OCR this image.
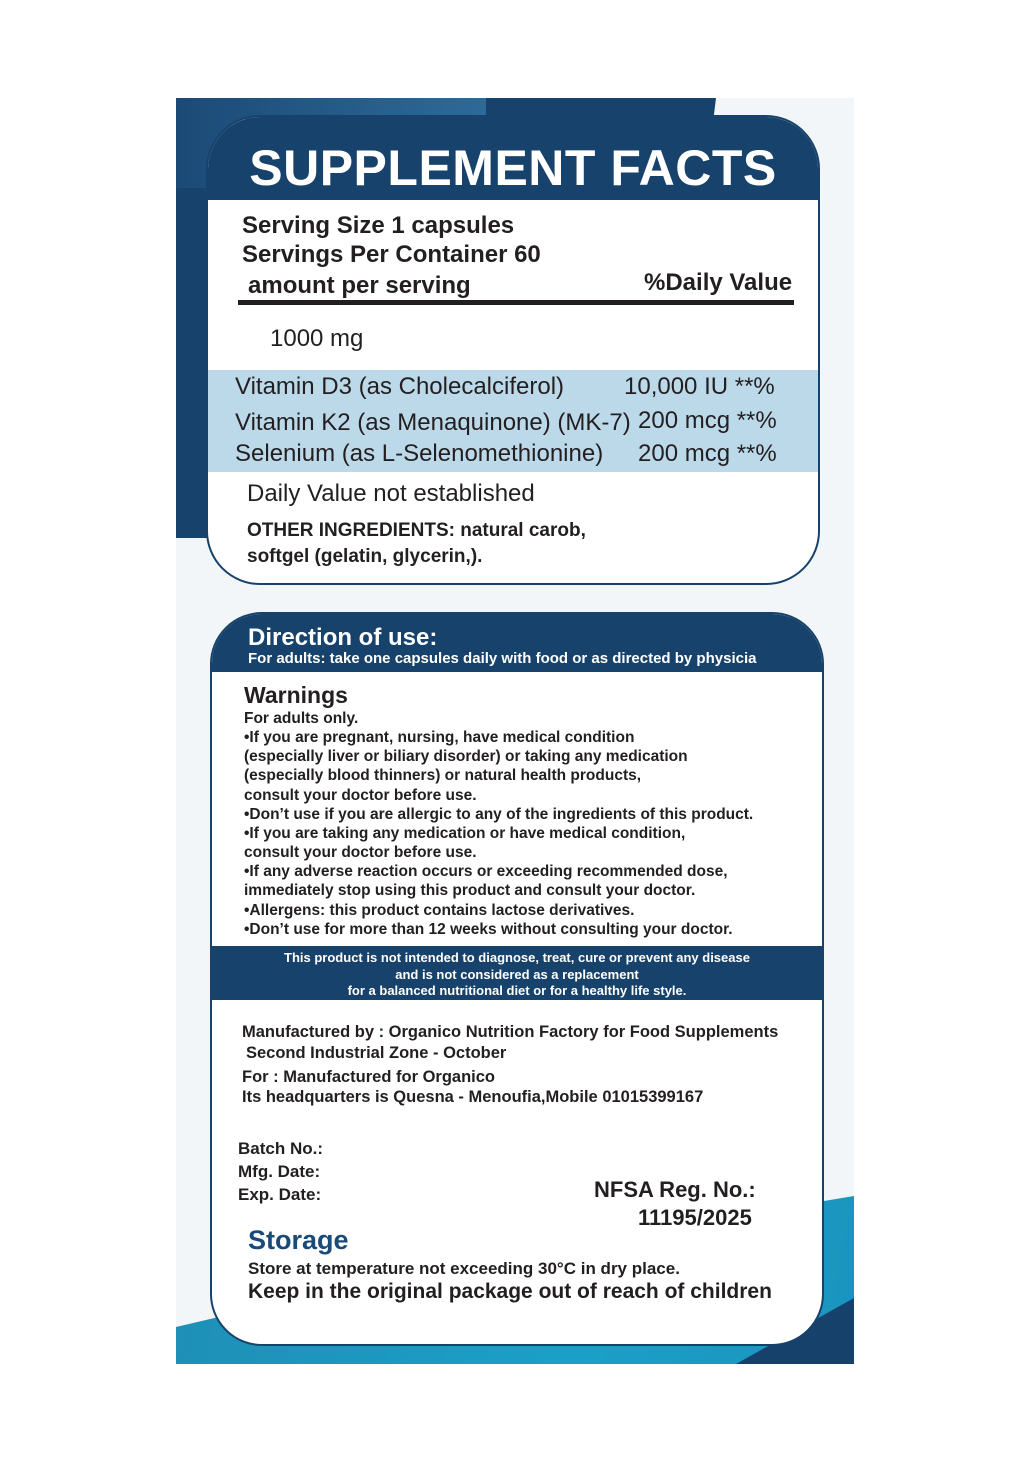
SUPPLEMENT FACTS
Serving Size 1 capsules
Servings Per Container 60
amount per serving	%Daily Value
1000 mg
Vitamin D3 (as Cholecalciferol) 10,000 IU **%
Vitamin K2 (as Menaquinone) (MK-7) 200 mcg **%
Selenium (as L-Selenomethionine) 200 mcg **%
Daily Value not established
OTHER INGREDIENTS: natural carob,
softgel (gelatin, glycerin,).
Direction of use:
For adults: take one capsules daily with food or as directed by physicia
Warnings
For adults only.
•If you are pregnant, nursing, have medical condition
(especially liver or biliary disorder) or taking any medication
(especially blood thinners) or natural health products,
consult your doctor before use.
•Don’t use if you are allergic to any of the ingredients of this product.
•If you are taking any medication or have medical condition,
consult your doctor before use.
•If any adverse reaction occurs or exceeding recommended dose,
immediately stop using this product and consult your doctor.
•Allergens: this product contains lactose derivatives.
•Don’t use for more than 12 weeks without consulting your doctor.
This product is not intended to diagnose, treat, cure or prevent any disease
and is not considered as a replacement
for a balanced nutritional diet or for a healthy life style.
Manufactured by : Organico Nutrition Factory for Food Supplements
Second Industrial Zone - October
For : Manufactured for Organico
Its headquarters is Quesna - Menoufia,Mobile 01015399167
Batch No.:
Mfg. Date:
Exp. Date:	NFSA Reg. No.:
11195/2025
Storage
Store at temperature not exceeding 30°C in dry place.
Keep in the original package out of reach of children
